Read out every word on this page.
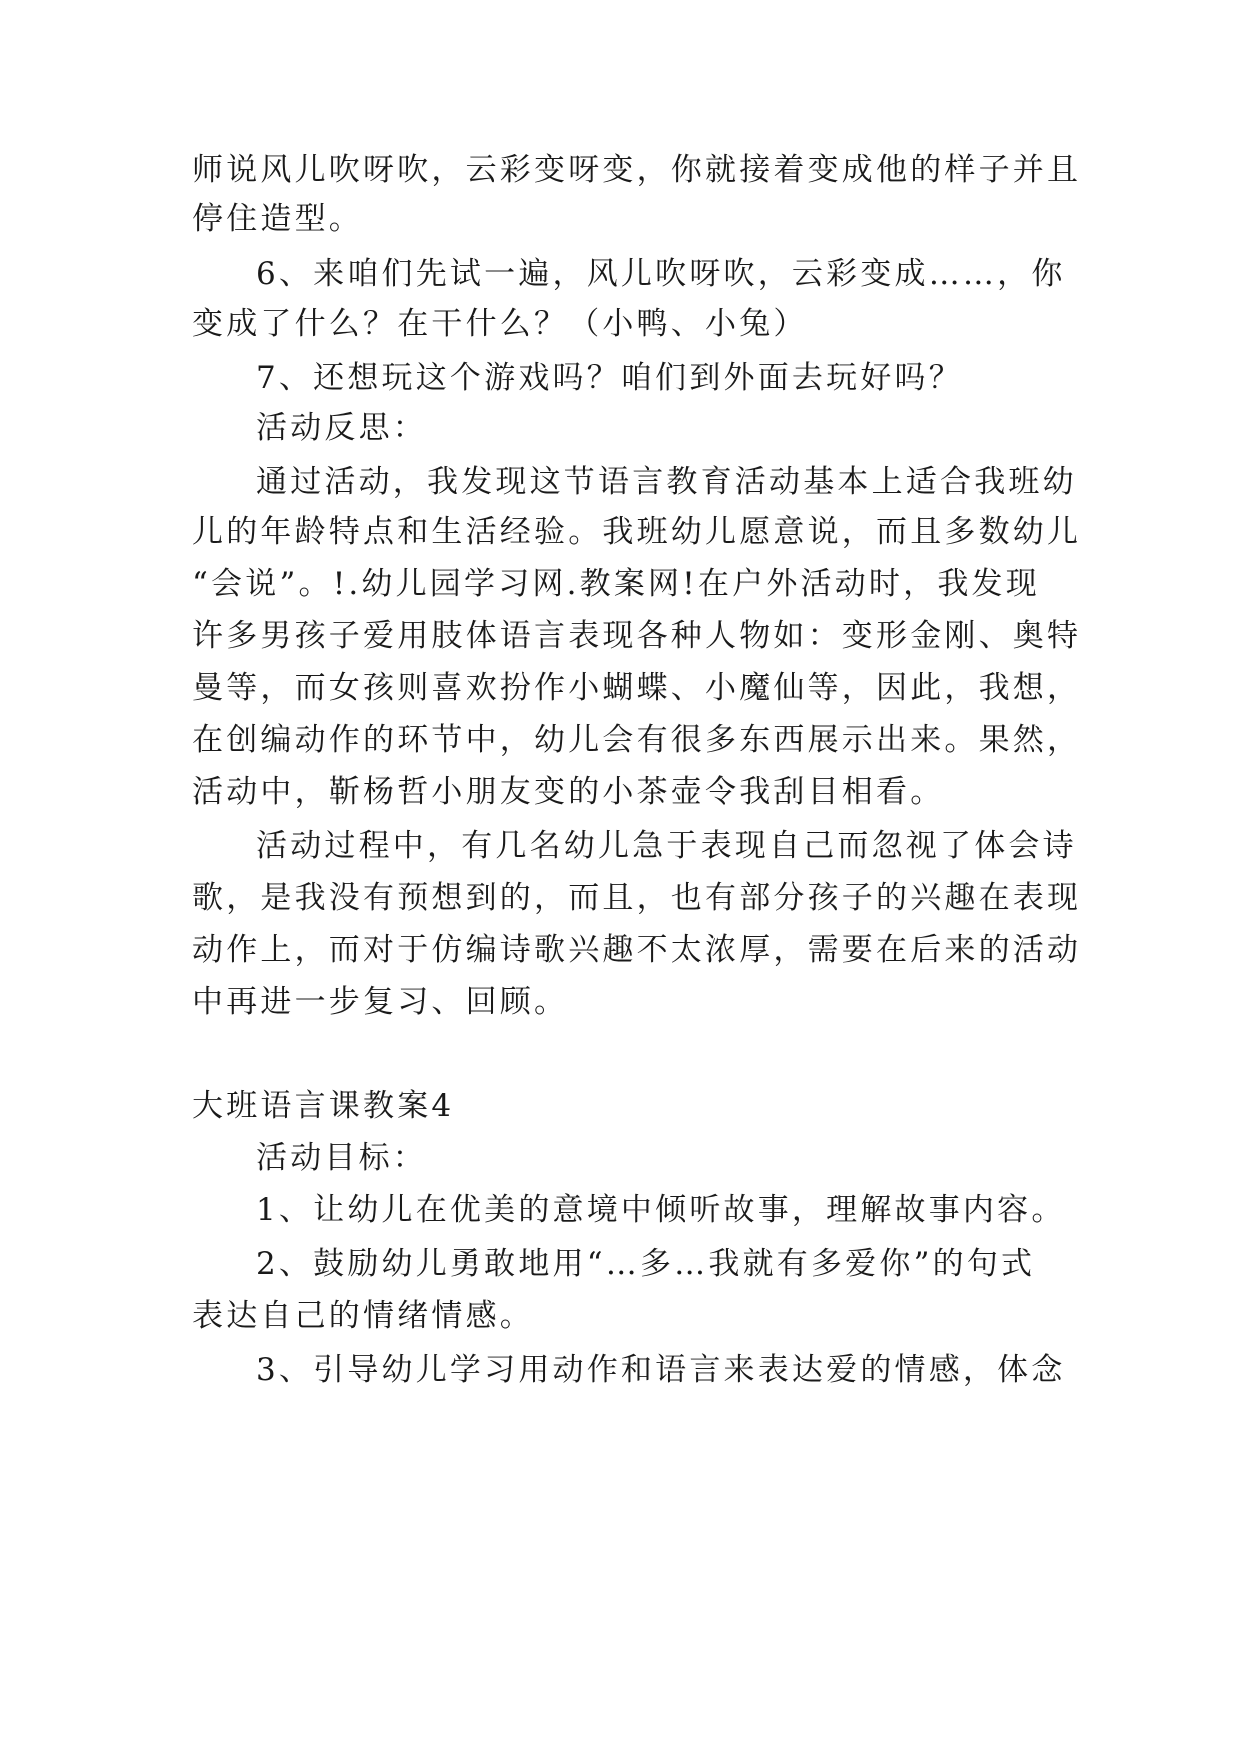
师说风儿吹呀吹，云彩变呀变，你就接着变成他的样子并且
停住造型。
6、来咱们先试一遍，风儿吹呀吹，云彩变成……，你
变成了什么？在干什么？（小鸭、小兔）
7、还想玩这个游戏吗？咱们到外面去玩好吗？
活动反思：
通过活动，我发现这节语言教育活动基本上适合我班幼
儿的年龄特点和生活经验。我班幼儿愿意说，而且多数幼儿
“会说”。!.幼儿园学习网.教案网!在户外活动时，我发现
许多男孩子爱用肢体语言表现各种人物如：变形金刚、奥特
曼等，而女孩则喜欢扮作小蝴蝶、小魔仙等，因此，我想，
在创编动作的环节中，幼儿会有很多东西展示出来。果然，
活动中，靳杨哲小朋友变的小茶壶令我刮目相看。
活动过程中，有几名幼儿急于表现自己而忽视了体会诗
歌，是我没有预想到的，而且，也有部分孩子的兴趣在表现
动作上，而对于仿编诗歌兴趣不太浓厚，需要在后来的活动
中再进一步复习、回顾。
大班语言课教案4
活动目标：
1、让幼儿在优美的意境中倾听故事，理解故事内容。
2、鼓励幼儿勇敢地用“…多…我就有多爱你”的句式
表达自己的情绪情感。
3、引导幼儿学习用动作和语言来表达爱的情感，体念
